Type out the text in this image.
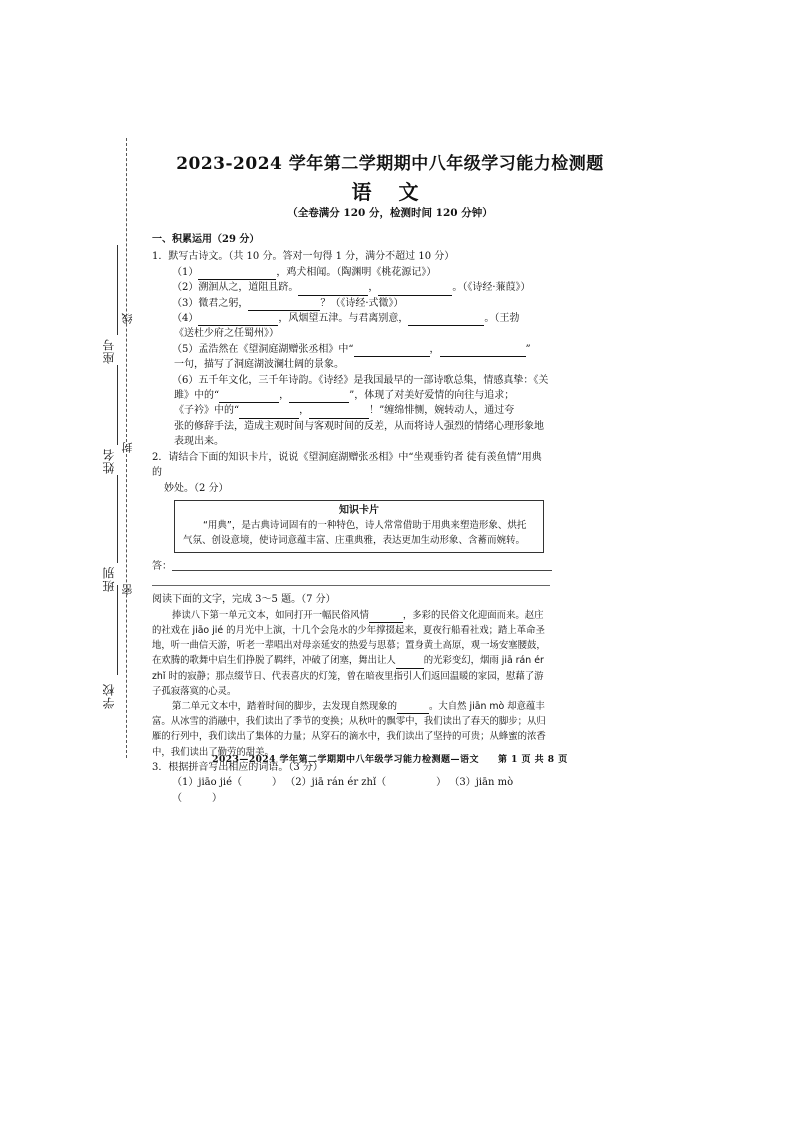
学校
班别 密
姓名
封
座号
线
2023-2024 学年第二学期期中八年级学习能力检测题
语 文
（全卷满分 120 分，检测时间 120 分钟）
一、积累运用（29 分）
1．默写古诗文。（共 10 分。答对一句得 1 分，满分不超过 10 分）
（1）	，鸡犬相闻。（陶渊明《桃花源记》）
（2）溯洄从之，道阻且跻。	，	。（《诗经·蒹葭》）
（3）微君之躬，	？（《诗经·式微》）
（4）	，风烟望五津。与君离别意，	。（王勃
《送杜少府之任蜀州》）
（5）孟浩然在《望洞庭湖赠张丞相》中“	，	”
一句，描写了洞庭湖波澜壮阔的景象。
（6）五千年文化，三千年诗韵。《诗经》是我国最早的一部诗歌总集，情感真挚：《关
雎》中的“	，	”，体现了对美好爱情的向往与追求；
《子衿》中的“	，	！”缠绵悱恻，婉转动人，通过夸
张的修辞手法，造成主观时间与客观时间的反差，从而将诗人强烈的情绪心理形象地
表现出来。
2．请结合下面的知识卡片，说说《望洞庭湖赠张丞相》中“坐观垂钓者 徒有羡鱼情”用典的
妙处。（2 分）
知识卡片
“用典”，是古典诗词固有的一种特色，诗人常常借助于用典来塑造形象、烘托气氛、创设意境，使诗词意蕴丰富、庄重典雅，表达更加生动形象、含蓄而婉转。
答：
阅读下面的文字，完成 3～5 题。（7 分）
捧读八下第一单元文本，如同打开一幅民俗风情	，多彩的民俗文化迎面而来。赵庄的社戏在 jiāo jié 的月光中上演，十几个会凫水的少年撑掇起来，夏夜行船看社戏；踏上革命圣地，听一曲信天游，听老一辈唱出对母亲延安的热爱与思慕；置身黄土高原，观一场安塞腰鼓，在欢腾的歌舞中启生们挣脱了羁绊，冲破了闭塞，舞出让人	的光彩变幻，烟雨 jiā rán ér zhǐ 时的寂静；那点缀节日、代表喜庆的灯笼，曾在暗夜里指引人们返回温暖的家园，慰藉了游子孤寂落寞的心灵。
第二单元文本中，踏着时间的脚步，去发现自然现象的	。大自然 jiān mò 却意蕴丰富。从冰雪的消融中，我们读出了季节的变换；从秋叶的飘零中，我们读出了春天的脚步；从归雁的行列中，我们读出了集体的力量；从穿石的滴水中，我们读出了坚持的可贵；从蜂蜜的浓香中，我们读出了勤劳的甜美。
3．根据拼音写出相应的词语。（3 分）
（1）jiāo jié（　　　） （2）jiā rán ér zhǐ（　　　　　） （3）jiān mò（　　　）
2023—2024 学年第二学期期中八年级学习能力检测题—语文　　第 1 页 共 8 页
